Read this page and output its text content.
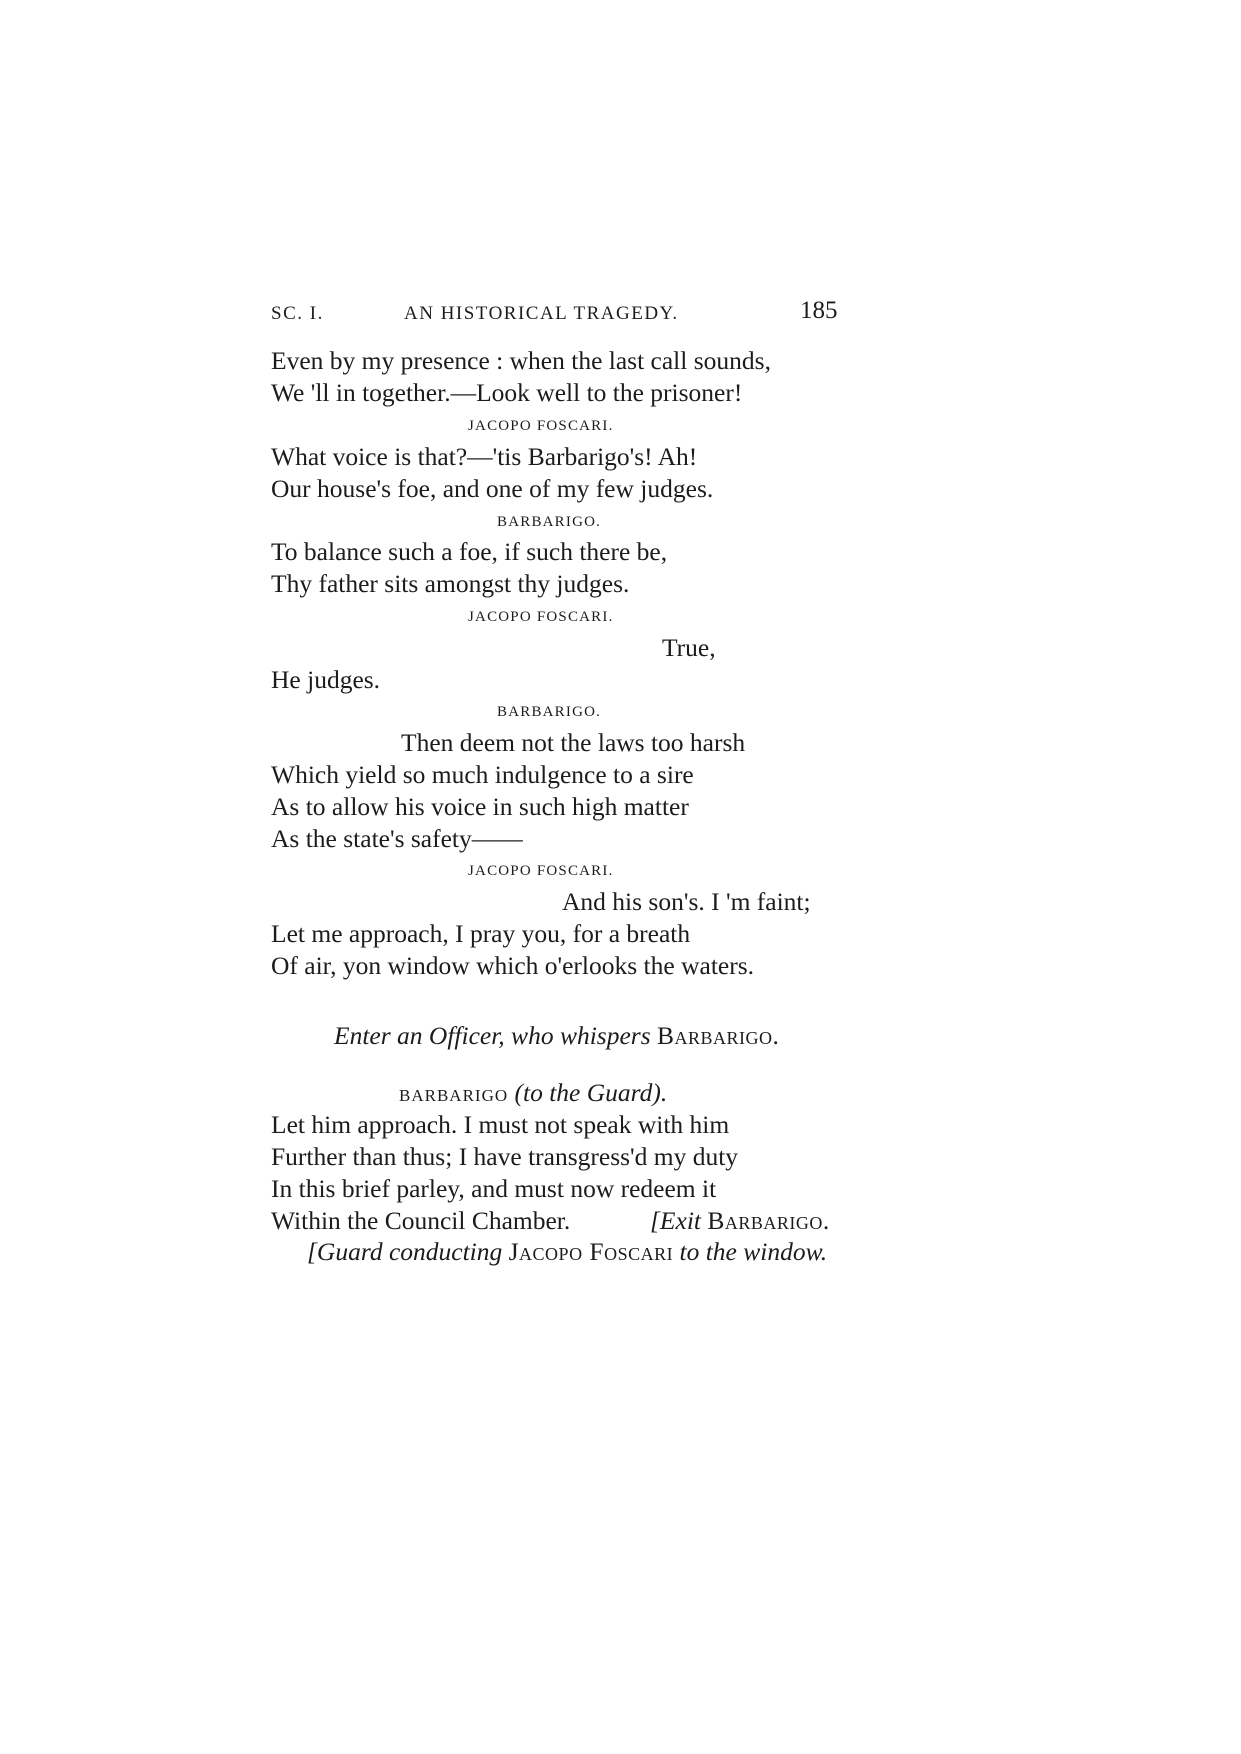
SC. I.	AN HISTORICAL TRAGEDY.	185
Even by my presence : when the last call sounds,
We 'll in together.—Look well to the prisoner!
JACOPO FOSCARI.
What voice is that?—'tis Barbarigo's! Ah!
Our house's foe, and one of my few judges.
BARBARIGO.
To balance such a foe, if such there be,
Thy father sits amongst thy judges.
JACOPO FOSCARI.
True,
He judges.
BARBARIGO.
Then deem not the laws too harsh
Which yield so much indulgence to a sire
As to allow his voice in such high matter
As the state's safety——
JACOPO FOSCARI.
And his son's. I 'm faint;
Let me approach, I pray you, for a breath
Of air, yon window which o'erlooks the waters.
Enter an Officer, who whispers Barbarigo.
BARBARIGO (to the Guard).
Let him approach. I must not speak with him
Further than thus; I have transgress'd my duty
In this brief parley, and must now redeem it
Within the Council Chamber.	[Exit Barbarigo.
[Guard conducting Jacopo Foscari to the window.
